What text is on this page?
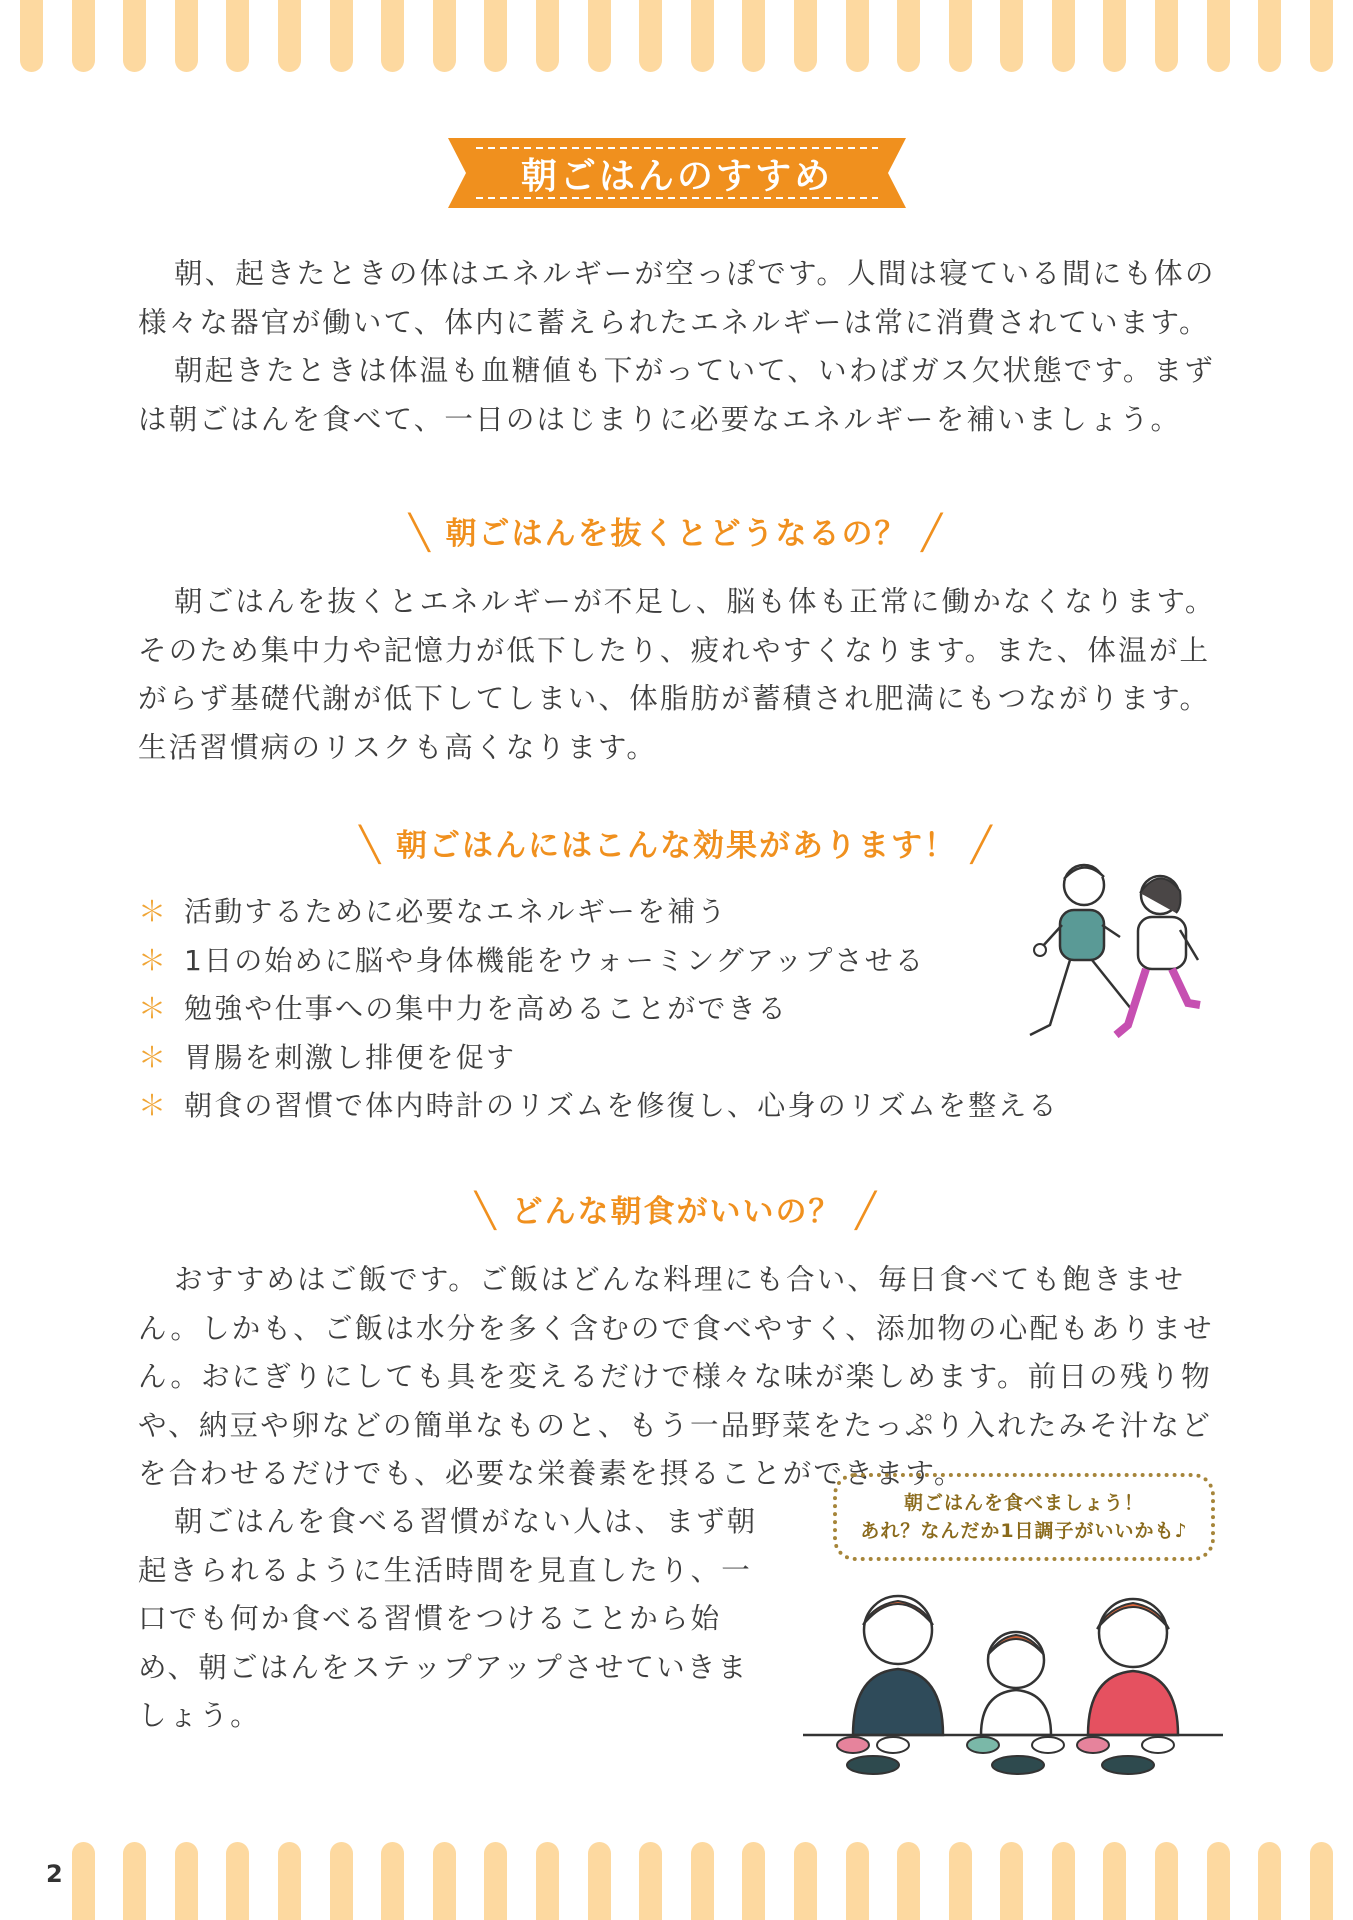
朝ごはんのすすめ

朝、起きたときの体はエネルギーが空っぽです。人間は寝ている間にも体の様々な器官が働いて、体内に蓄えられたエネルギーは常に消費されています。

朝起きたときは体温も血糖値も下がっていて、いわばガス欠状態です。まずは朝ごはんを食べて、一日のはじまりに必要なエネルギーを補いましょう。

╲ 朝ごはんを抜くとどうなるの？ ╱

朝ごはんを抜くとエネルギーが不足し、脳も体も正常に働かなくなります。そのため集中力や記憶力が低下したり、疲れやすくなります。また、体温が上がらず基礎代謝が低下してしまい、体脂肪が蓄積され肥満にもつながります。生活習慣病のリスクも高くなります。

╲ 朝ごはんにはこんな効果があります！ ╱
＊ 活動するために必要なエネルギーを補う
＊ 1日の始めに脳や身体機能をウォーミングアップさせる
＊ 勉強や仕事への集中力を高めることができる
＊ 胃腸を刺激し排便を促す
＊ 朝食の習慣で体内時計のリズムを修復し、心身のリズムを整える
╲ どんな朝食がいいの？ ╱

おすすめはご飯です。ご飯はどんな料理にも合い、毎日食べても飽きません。しかも、ご飯は水分を多く含むので食べやすく、添加物の心配もありません。おにぎりにしても具を変えるだけで様々な味が楽しめます。前日の残り物や、納豆や卵などの簡単なものと、もう一品野菜をたっぷり入れたみそ汁などを合わせるだけでも、必要な栄養素を摂ることができます。

朝ごはんを食べる習慣がない人は、まず朝起きられるように生活時間を見直したり、一口でも何か食べる習慣をつけることから始め、朝ごはんをステップアップさせていきましょう。

朝ごはんを食べましょう！
あれ？なんだか1日調子がいいかも♪
2
